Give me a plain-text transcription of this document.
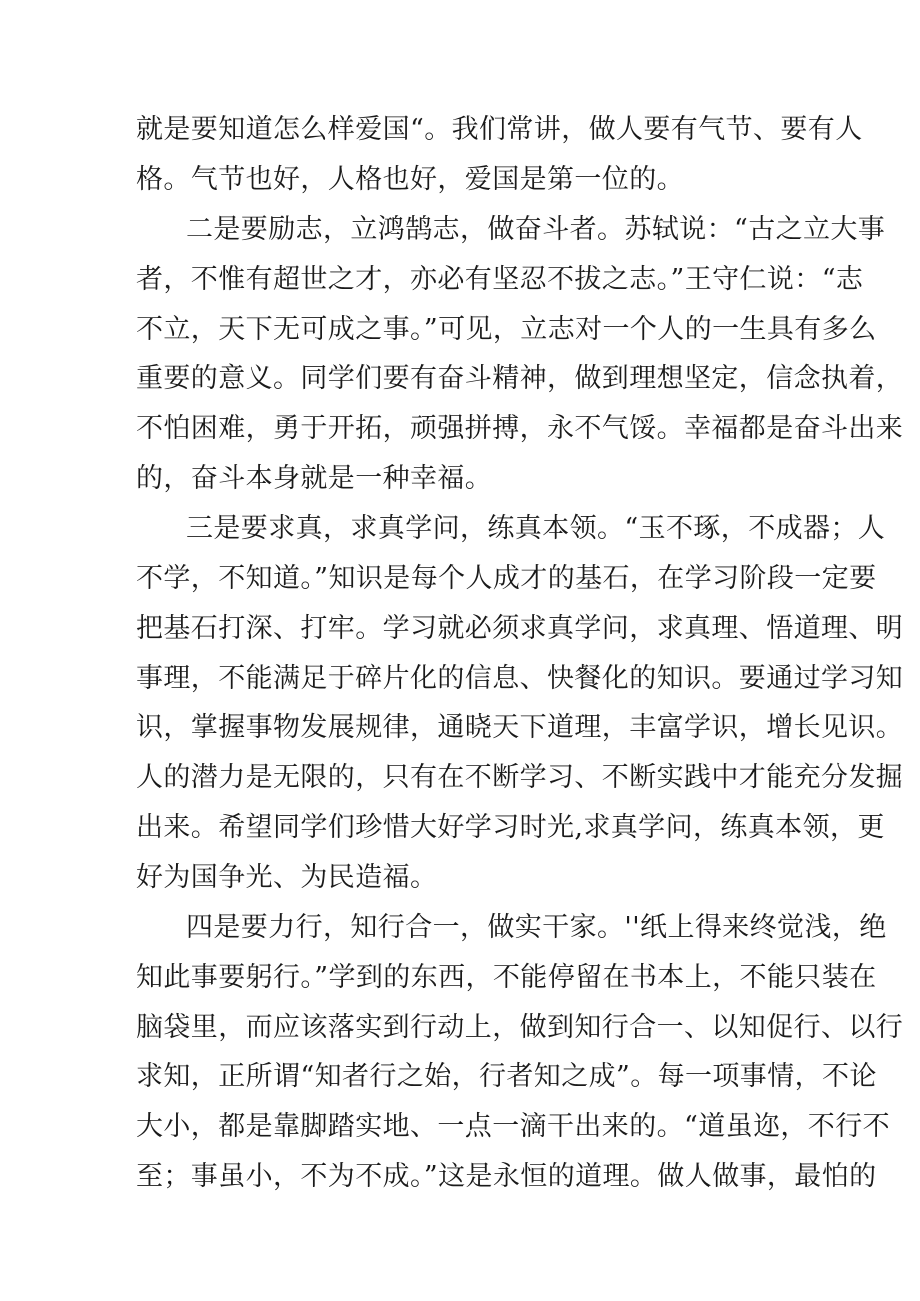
就是要知道怎么样爱国“。我们常讲，做人要有气节、要有人

格。气节也好，人格也好，爱国是第一位的。

二是要励志，立鸿鹄志，做奋斗者。苏轼说：“古之立大事

者，不惟有超世之才，亦必有坚忍不拔之志。”王守仁说：“志

不立，天下无可成之事。”可见，立志对一个人的一生具有多么

重要的意义。同学们要有奋斗精神，做到理想坚定，信念执着，

不怕困难，勇于开拓，顽强拼搏，永不气馁。幸福都是奋斗出来

的，奋斗本身就是一种幸福。

三是要求真，求真学问，练真本领。“玉不琢，不成器；人

不学，不知道。”知识是每个人成才的基石，在学习阶段一定要

把基石打深、打牢。学习就必须求真学问，求真理、悟道理、明

事理，不能满足于碎片化的信息、快餐化的知识。要通过学习知

识，掌握事物发展规律，通晓天下道理，丰富学识，增长见识。

人的潜力是无限的，只有在不断学习、不断实践中才能充分发掘

出来。希望同学们珍惜大好学习时光,求真学问，练真本领，更

好为国争光、为民造福。

四是要力行，知行合一，做实干家。''纸上得来终觉浅，绝

知此事要躬行。”学到的东西，不能停留在书本上，不能只装在

脑袋里，而应该落实到行动上，做到知行合一、以知促行、以行

求知，正所谓“知者行之始，行者知之成”。每一项事情，不论

大小，都是靠脚踏实地、一点一滴干出来的。“道虽迩，不行不

至；事虽小，不为不成。”这是永恒的道理。做人做事，最怕的
